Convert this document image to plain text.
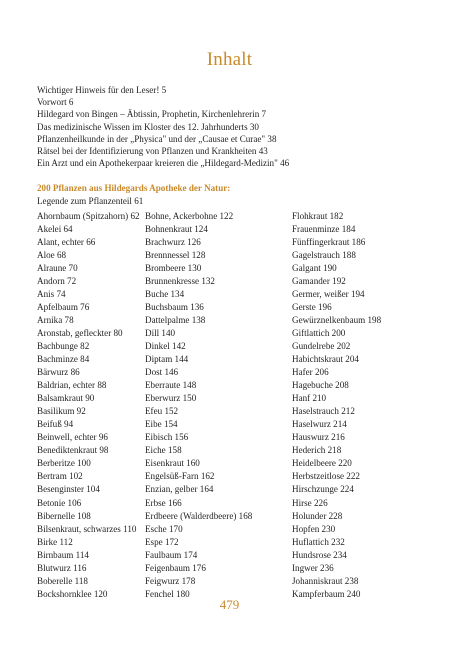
Inhalt
Wichtiger Hinweis für den Leser! 5
Vorwort 6
Hildegard von Bingen – Äbtissin, Prophetin, Kirchenlehrerin 7
Das medizinische Wissen im Kloster des 12. Jahrhunderts 30
Pflanzenheilkunde in der „Physica" und der „Causae et Curae" 38
Rätsel bei der Identifizierung von Pflanzen und Krankheiten 43
Ein Arzt und ein Apothekerpaar kreieren die „Hildegard-Medizin" 46
200 Pflanzen aus Hildegards Apotheke der Natur:
Legende zum Pflanzenteil 61
Ahornbaum (Spitzahorn) 62
Akelei 64
Alant, echter 66
Aloe 68
Alraune 70
Andorn 72
Anis 74
Apfelbaum 76
Arnika 78
Aronstab, gefleckter 80
Bachbunge 82
Bachminze 84
Bärwurz 86
Baldrian, echter 88
Balsamkraut 90
Basilikum 92
Beifuß 94
Beinwell, echter 96
Benediktenkraut 98
Berberitze 100
Bertram 102
Besenginster 104
Betonie 106
Bibernelle 108
Bilsenkraut, schwarzes 110
Birke 112
Birnbaum 114
Blutwurz 116
Boberelle 118
Bockshornklee 120
Bohne, Ackerbohne 122
Bohnenkraut 124
Brachwurz 126
Brennnessel 128
Brombeere 130
Brunnenkresse 132
Buche 134
Buchsbaum 136
Dattelpalme 138
Dill 140
Dinkel 142
Diptam 144
Dost 146
Eberraute 148
Eberwurz 150
Efeu 152
Eibe 154
Eibisch 156
Eiche 158
Eisenkraut 160
Engelsüß-Farn 162
Enzian, gelber 164
Erbse 166
Erdbeere (Walderdbeere) 168
Esche 170
Espe 172
Faulbaum 174
Feigenbaum 176
Feigwurz 178
Fenchel 180
Flohkraut 182
Frauenminze 184
Fünffingerkraut 186
Gagelstrauch 188
Galgant 190
Gamander 192
Germer, weißer 194
Gerste 196
Gewürznelkenbaum 198
Giftlattich 200
Gundelrebe 202
Habichtskraut 204
Hafer 206
Hagebuche 208
Hanf 210
Haselstrauch 212
Haselwurz 214
Hauswurz 216
Hederich 218
Heidelbeere 220
Herbstzeitlose 222
Hirschzunge 224
Hirse 226
Holunder 228
Hopfen 230
Huflattich 232
Hundsrose 234
Ingwer 236
Johanniskraut 238
Kampferbaum 240
479
